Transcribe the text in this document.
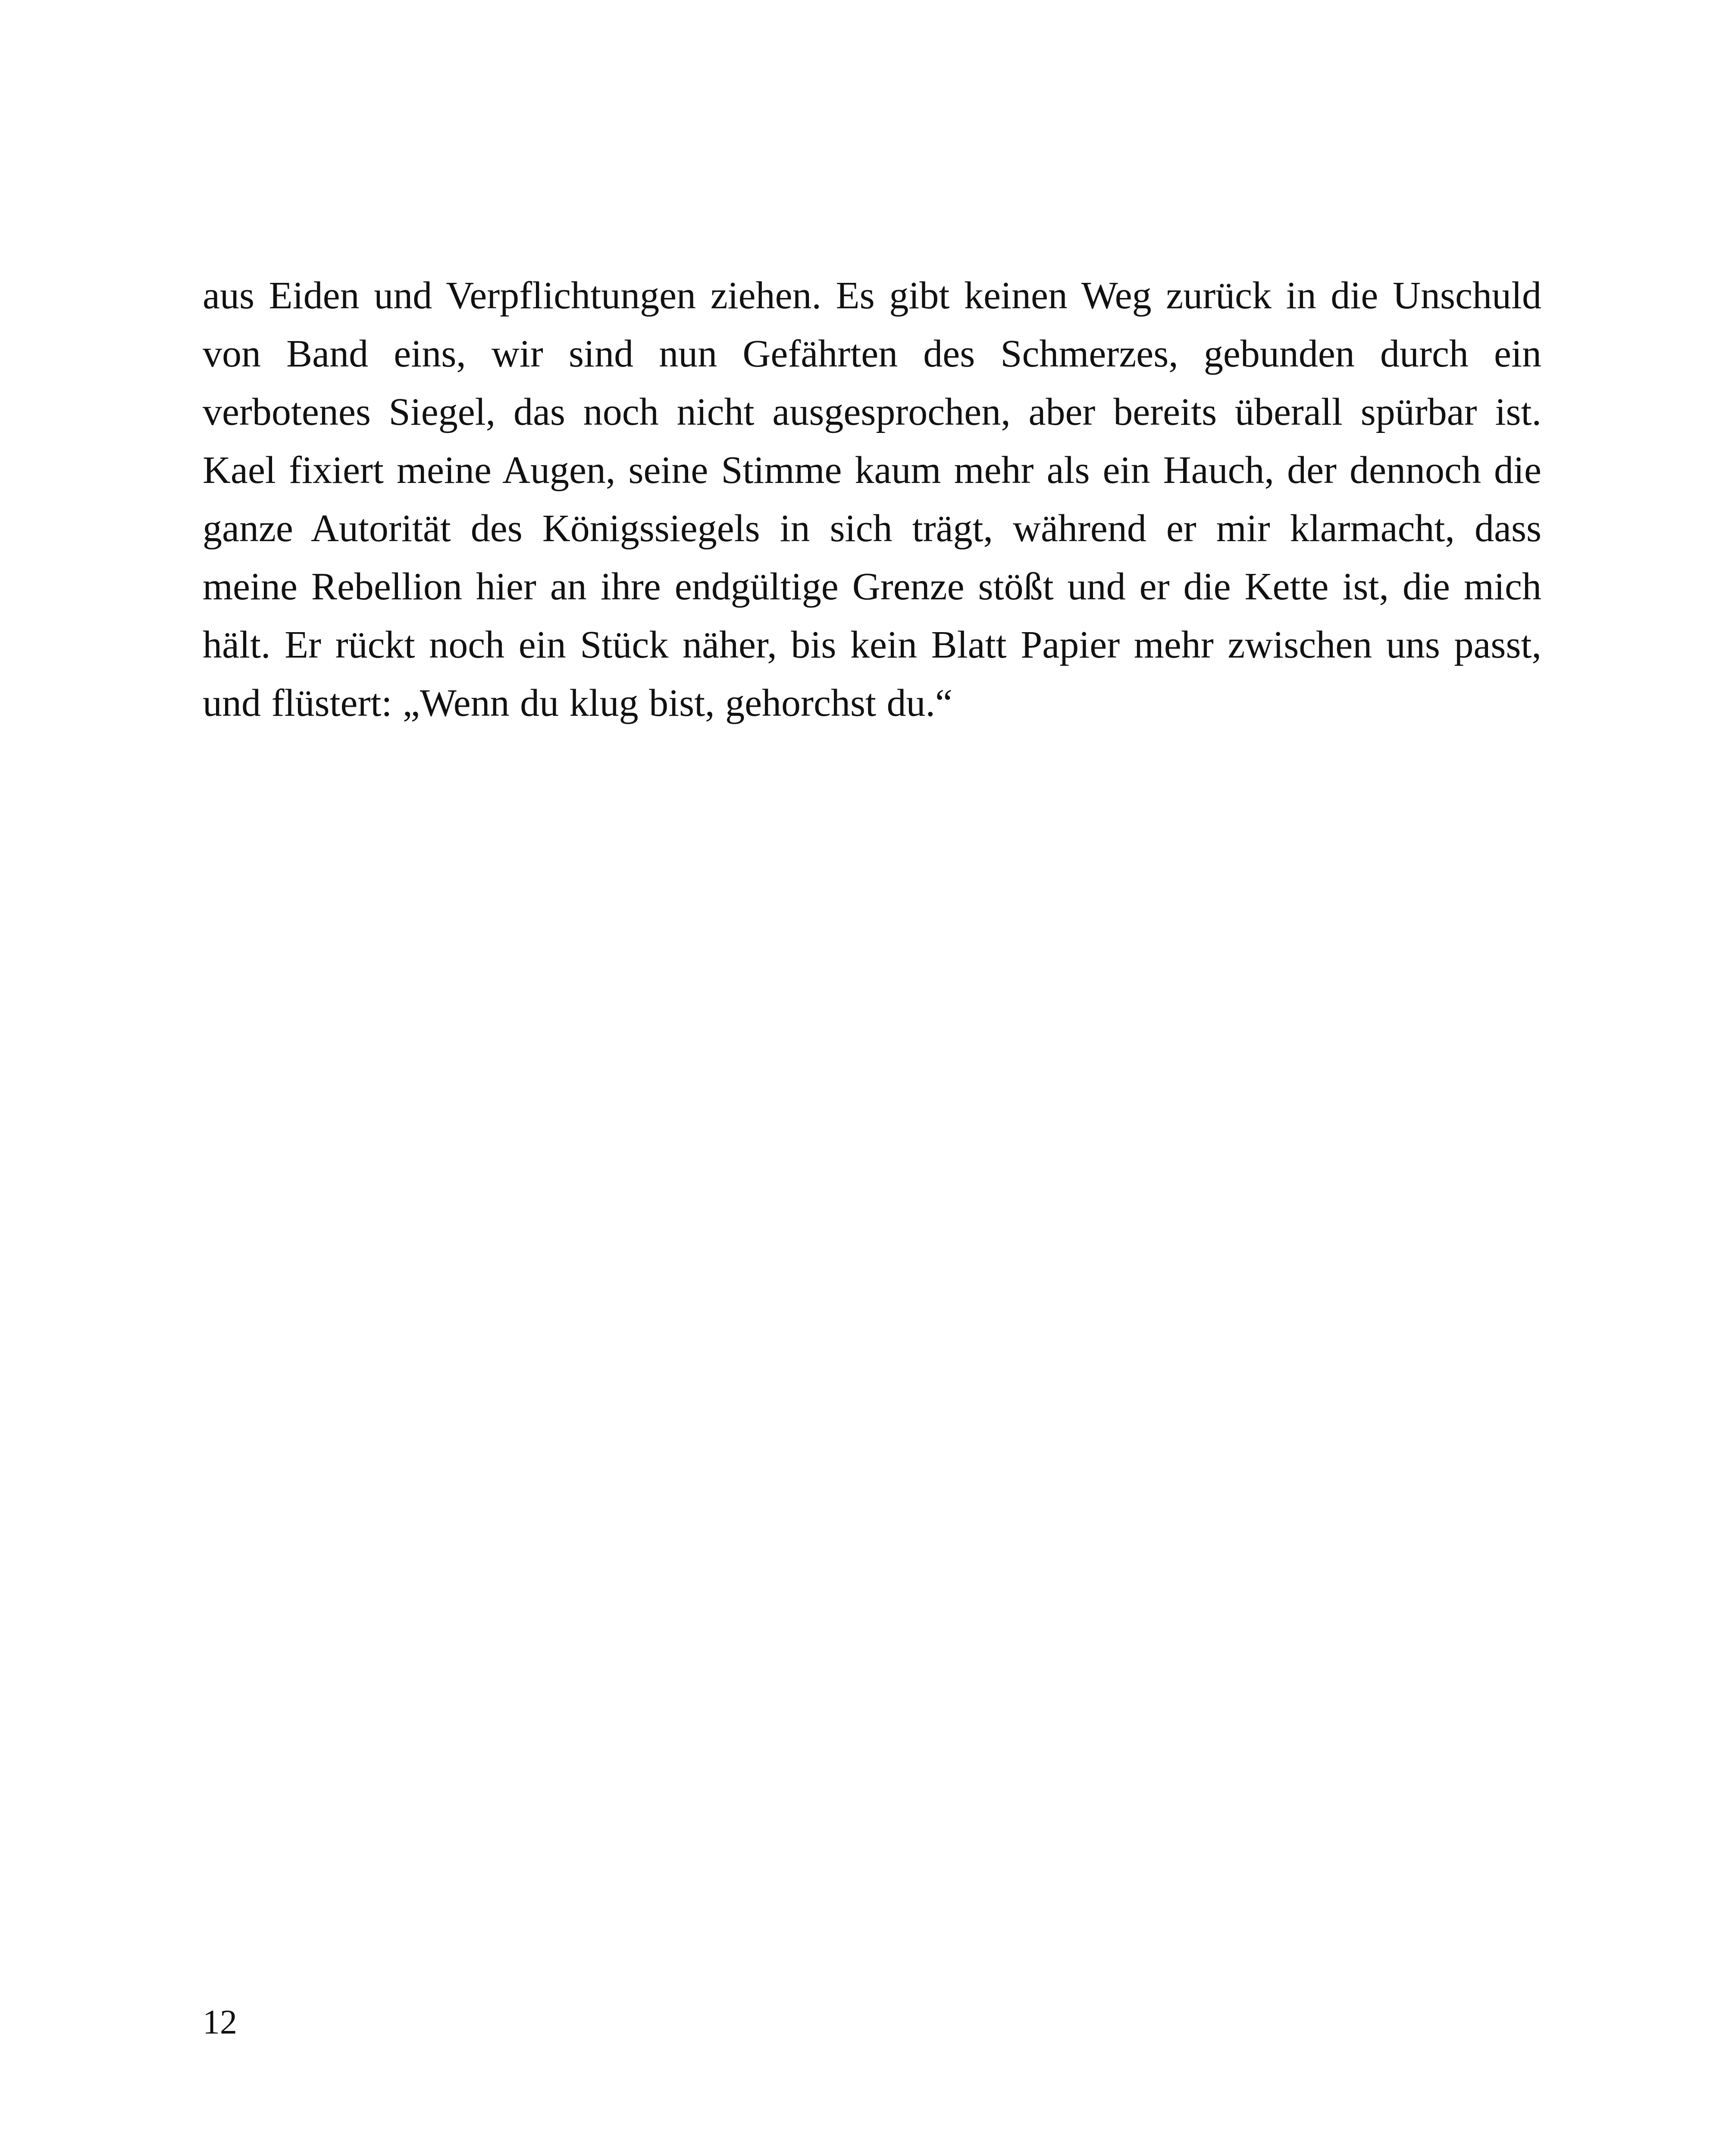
aus Eiden und Verpflichtungen ziehen. Es gibt keinen Weg zurück in die Unschuld von Band eins, wir sind nun Gefährten des Schmerzes, gebunden durch ein verbotenes Siegel, das noch nicht ausgesprochen, aber bereits überall spürbar ist. Kael fixiert meine Augen, seine Stimme kaum mehr als ein Hauch, der dennoch die ganze Autorität des Königssiegels in sich trägt, während er mir klarmacht, dass meine Rebellion hier an ihre endgültige Grenze stößt und er die Kette ist, die mich hält. Er rückt noch ein Stück näher, bis kein Blatt Papier mehr zwischen uns passt, und flüstert: „Wenn du klug bist, gehorchst du.“

12
